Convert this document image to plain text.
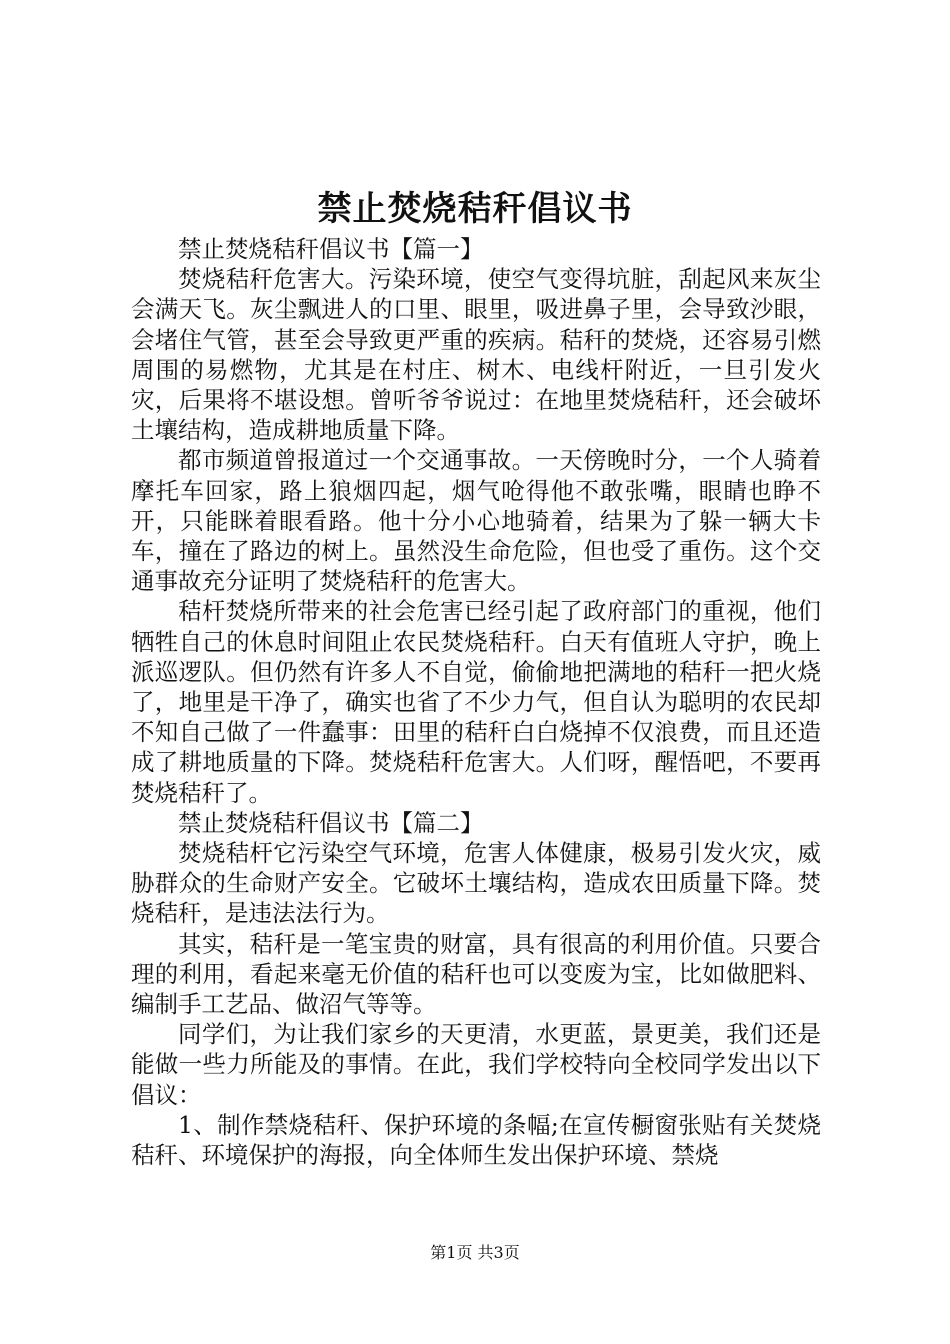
禁止焚烧秸秆倡议书

禁止焚烧秸秆倡议书【篇一】

焚烧秸秆危害大。污染环境，使空气变得坑脏，刮起风来灰尘会满天飞。灰尘飘进人的口里、眼里，吸进鼻子里，会导致沙眼，会堵住气管，甚至会导致更严重的疾病。秸秆的焚烧，还容易引燃周围的易燃物，尤其是在村庄、树木、电线杆附近，一旦引发火灾，后果将不堪设想。曾听爷爷说过：在地里焚烧秸秆，还会破坏土壤结构，造成耕地质量下降。

都市频道曾报道过一个交通事故。一天傍晚时分，一个人骑着摩托车回家，路上狼烟四起，烟气呛得他不敢张嘴，眼睛也睁不开，只能眯着眼看路。他十分小心地骑着，结果为了躲一辆大卡车，撞在了路边的树上。虽然没生命危险，但也受了重伤。这个交通事故充分证明了焚烧秸秆的危害大。

秸杆焚烧所带来的社会危害已经引起了政府部门的重视，他们牺牲自己的休息时间阻止农民焚烧秸秆。白天有值班人守护，晚上派巡逻队。但仍然有许多人不自觉，偷偷地把满地的秸秆一把火烧了，地里是干净了，确实也省了不少力气，但自认为聪明的农民却不知自己做了一件蠢事：田里的秸秆白白烧掉不仅浪费，而且还造成了耕地质量的下降。焚烧秸秆危害大。人们呀，醒悟吧，不要再焚烧秸秆了。

禁止焚烧秸秆倡议书【篇二】

焚烧秸杆它污染空气环境，危害人体健康，极易引发火灾，威胁群众的生命财产安全。它破坏土壤结构，造成农田质量下降。焚烧秸秆，是违法法行为。

其实，秸秆是一笔宝贵的财富，具有很高的利用价值。只要合理的利用，看起来毫无价值的秸秆也可以变废为宝，比如做肥料、编制手工艺品、做沼气等等。

同学们，为让我们家乡的天更清，水更蓝，景更美，我们还是能做一些力所能及的事情。在此，我们学校特向全校同学发出以下倡议：

1、制作禁烧秸秆、保护环境的条幅;在宣传橱窗张贴有关焚烧秸秆、环境保护的海报，向全体师生发出保护环境、禁烧

第1页 共3页
